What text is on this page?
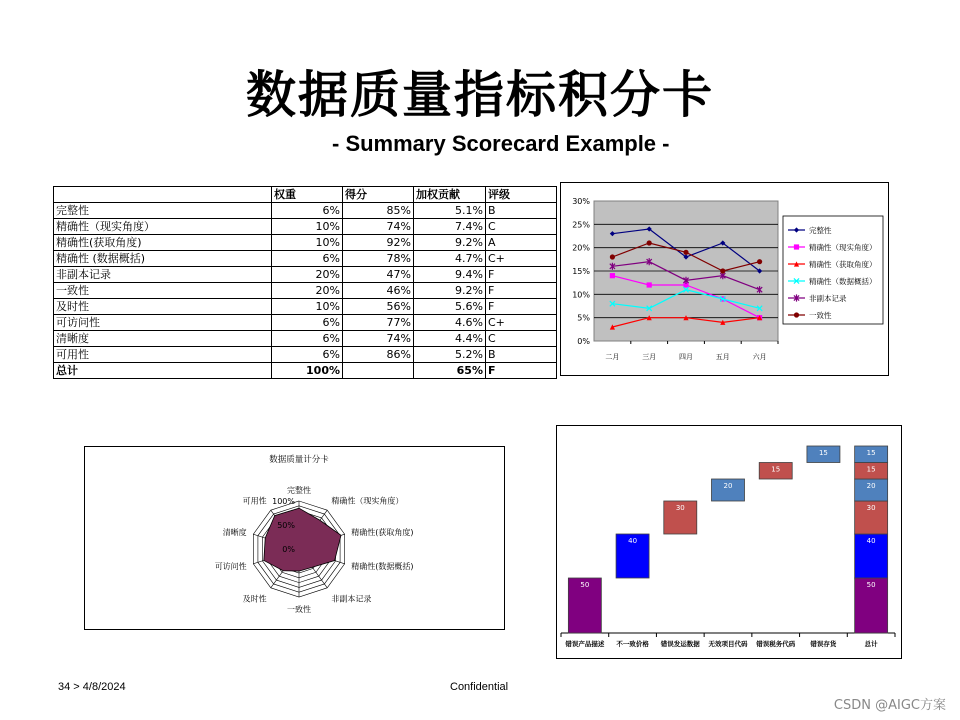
数据质量指标积分卡
- Summary Scorecard Example -
	权重	得分	加权贡献	评级
完整性	6%	85%	5.1%	B
精确性（现实角度）	10%	74%	7.4%	C
精确性(获取角度)	10%	92%	9.2%	A
精确性 (数据概括)	6%	78%	4.7%	C+
非副本记录	20%	47%	9.4%	F
一致性	20%	46%	9.2%	F
及时性	10%	56%	5.6%	F
可访问性	6%	77%	4.6%	C+
清晰度	6%	74%	4.4%	C
可用性	6%	86%	5.2%	B
总计	100%		65%	F
0%
5%
10%
15%
20%
25%
30%
二月	三月	四月	五月	六月
完整性
精确性（现实角度）
精确性（获取角度）
精确性（数据概括）
非副本记录
一致性
数据质量计分卡
0%
50%
100%
完整性
精确性（现实角度）
精确性(获取角度)
精确性(数据概括)
非副本记录
一致性
及时性
可访问性
清晰度
可用性
50
40
30
20
15
15
50
40
30
20
15
15
错误产品描述 不一致价格 错误发运数据 无效项目代码 错误税务代码 错误存货	总计
34 > 4/8/2024	Confidential
CSDN @AIGC方案
